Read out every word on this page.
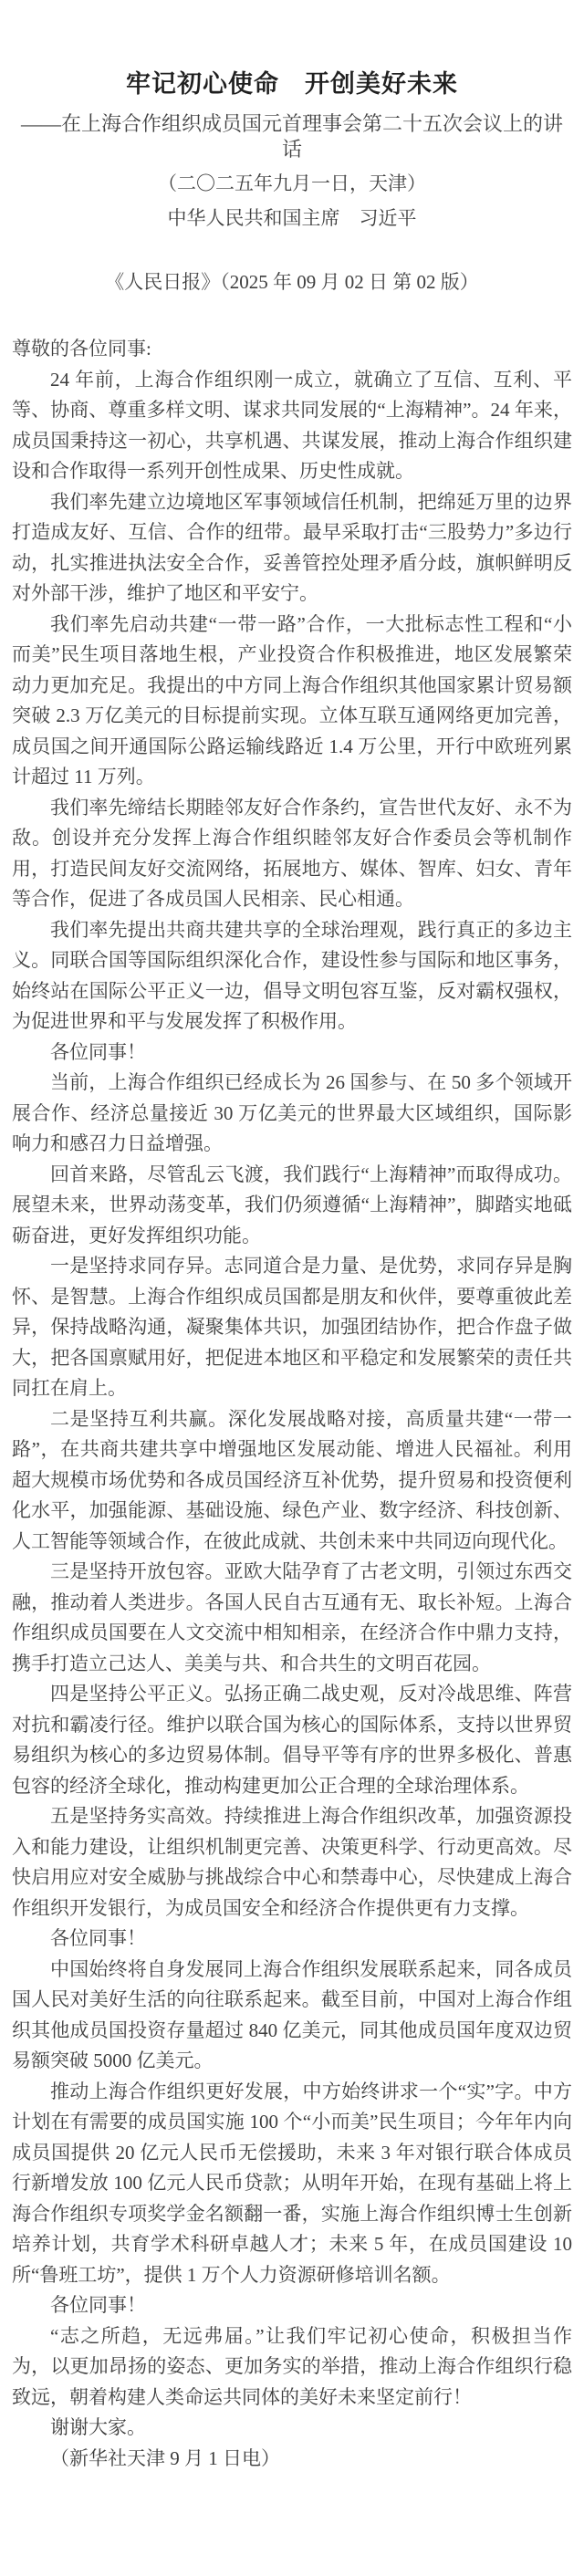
牢记初心使命　开创美好未来

——在上海合作组织成员国元首理事会第二十五次会议上的讲话

（二〇二五年九月一日，天津）

中华人民共和国主席　习近平

《人民日报》（2025 年 09 月 02 日 第 02 版）

尊敬的各位同事:

24 年前，上海合作组织刚一成立，就确立了互信、互利、平等、协商、尊重多样文明、谋求共同发展的“上海精神”。24 年来，成员国秉持这一初心，共享机遇、共谋发展，推动上海合作组织建设和合作取得一系列开创性成果、历史性成就。

我们率先建立边境地区军事领域信任机制，把绵延万里的边界打造成友好、互信、合作的纽带。最早采取打击“三股势力”多边行动，扎实推进执法安全合作，妥善管控处理矛盾分歧，旗帜鲜明反对外部干涉，维护了地区和平安宁。

我们率先启动共建“一带一路”合作，一大批标志性工程和“小而美”民生项目落地生根，产业投资合作积极推进，地区发展繁荣动力更加充足。我提出的中方同上海合作组织其他国家累计贸易额突破 2.3 万亿美元的目标提前实现。立体互联互通网络更加完善，成员国之间开通国际公路运输线路近 1.4 万公里，开行中欧班列累计超过 11 万列。

我们率先缔结长期睦邻友好合作条约，宣告世代友好、永不为敌。创设并充分发挥上海合作组织睦邻友好合作委员会等机制作用，打造民间友好交流网络，拓展地方、媒体、智库、妇女、青年等合作，促进了各成员国人民相亲、民心相通。

我们率先提出共商共建共享的全球治理观，践行真正的多边主义。同联合国等国际组织深化合作，建设性参与国际和地区事务，始终站在国际公平正义一边，倡导文明包容互鉴，反对霸权强权，为促进世界和平与发展发挥了积极作用。

各位同事！

当前，上海合作组织已经成长为 26 国参与、在 50 多个领域开展合作、经济总量接近 30 万亿美元的世界最大区域组织，国际影响力和感召力日益增强。

回首来路，尽管乱云飞渡，我们践行“上海精神”而取得成功。展望未来，世界动荡变革，我们仍须遵循“上海精神”，脚踏实地砥砺奋进，更好发挥组织功能。

一是坚持求同存异。志同道合是力量、是优势，求同存异是胸怀、是智慧。上海合作组织成员国都是朋友和伙伴，要尊重彼此差异，保持战略沟通，凝聚集体共识，加强团结协作，把合作盘子做大，把各国禀赋用好，把促进本地区和平稳定和发展繁荣的责任共同扛在肩上。

二是坚持互利共赢。深化发展战略对接，高质量共建“一带一路”，在共商共建共享中增强地区发展动能、增进人民福祉。利用超大规模市场优势和各成员国经济互补优势，提升贸易和投资便利化水平，加强能源、基础设施、绿色产业、数字经济、科技创新、人工智能等领域合作，在彼此成就、共创未来中共同迈向现代化。

三是坚持开放包容。亚欧大陆孕育了古老文明，引领过东西交融，推动着人类进步。各国人民自古互通有无、取长补短。上海合作组织成员国要在人文交流中相知相亲，在经济合作中鼎力支持，携手打造立己达人、美美与共、和合共生的文明百花园。

四是坚持公平正义。弘扬正确二战史观，反对冷战思维、阵营对抗和霸凌行径。维护以联合国为核心的国际体系，支持以世界贸易组织为核心的多边贸易体制。倡导平等有序的世界多极化、普惠包容的经济全球化，推动构建更加公正合理的全球治理体系。

五是坚持务实高效。持续推进上海合作组织改革，加强资源投入和能力建设，让组织机制更完善、决策更科学、行动更高效。尽快启用应对安全威胁与挑战综合中心和禁毒中心，尽快建成上海合作组织开发银行，为成员国安全和经济合作提供更有力支撑。

各位同事！

中国始终将自身发展同上海合作组织发展联系起来，同各成员国人民对美好生活的向往联系起来。截至目前，中国对上海合作组织其他成员国投资存量超过 840 亿美元，同其他成员国年度双边贸易额突破 5000 亿美元。

推动上海合作组织更好发展，中方始终讲求一个“实”字。中方计划在有需要的成员国实施 100 个“小而美”民生项目；今年年内向成员国提供 20 亿元人民币无偿援助，未来 3 年对银行联合体成员行新增发放 100 亿元人民币贷款；从明年开始，在现有基础上将上海合作组织专项奖学金名额翻一番，实施上海合作组织博士生创新培养计划，共育学术科研卓越人才；未来 5 年，在成员国建设 10 所“鲁班工坊”，提供 1 万个人力资源研修培训名额。

各位同事！

“志之所趋，无远弗届。”让我们牢记初心使命，积极担当作为，以更加昂扬的姿态、更加务实的举措，推动上海合作组织行稳致远，朝着构建人类命运共同体的美好未来坚定前行！

谢谢大家。

（新华社天津 9 月 1 日电）
